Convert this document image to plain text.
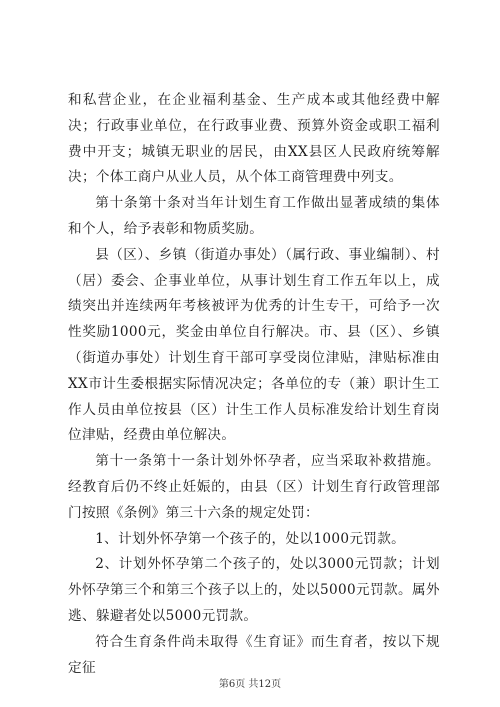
和私营企业，在企业福利基金、生产成本或其他经费中解决；行政事业单位，在行政事业费、预算外资金或职工福利费中开支；城镇无职业的居民，由XX县区人民政府统筹解决；个体工商户从业人员，从个体工商管理费中列支。

第十条第十条对当年计划生育工作做出显著成绩的集体和个人，给予表彰和物质奖励。

县（区）、乡镇（街道办事处）（属行政、事业编制）、村（居）委会、企事业单位，从事计划生育工作五年以上，成绩突出并连续两年考核被评为优秀的计生专干，可给予一次性奖励1000元，奖金由单位自行解决。市、县（区）、乡镇（街道办事处）计划生育干部可享受岗位津贴，津贴标准由XX市计生委根据实际情况决定；各单位的专（兼）职计生工作人员由单位按县（区）计生工作人员标准发给计划生育岗位津贴，经费由单位解决。

第十一条第十一条计划外怀孕者，应当采取补救措施。经教育后仍不终止妊娠的，由县（区）计划生育行政管理部门按照《条例》第三十六条的规定处罚：

1、计划外怀孕第一个孩子的，处以1000元罚款。

2、计划外怀孕第二个孩子的，处以3000元罚款；计划外怀孕第三个和第三个孩子以上的，处以5000元罚款。属外逃、躲避者处以5000元罚款。

符合生育条件尚未取得《生育证》而生育者，按以下规定征

第6页 共12页
